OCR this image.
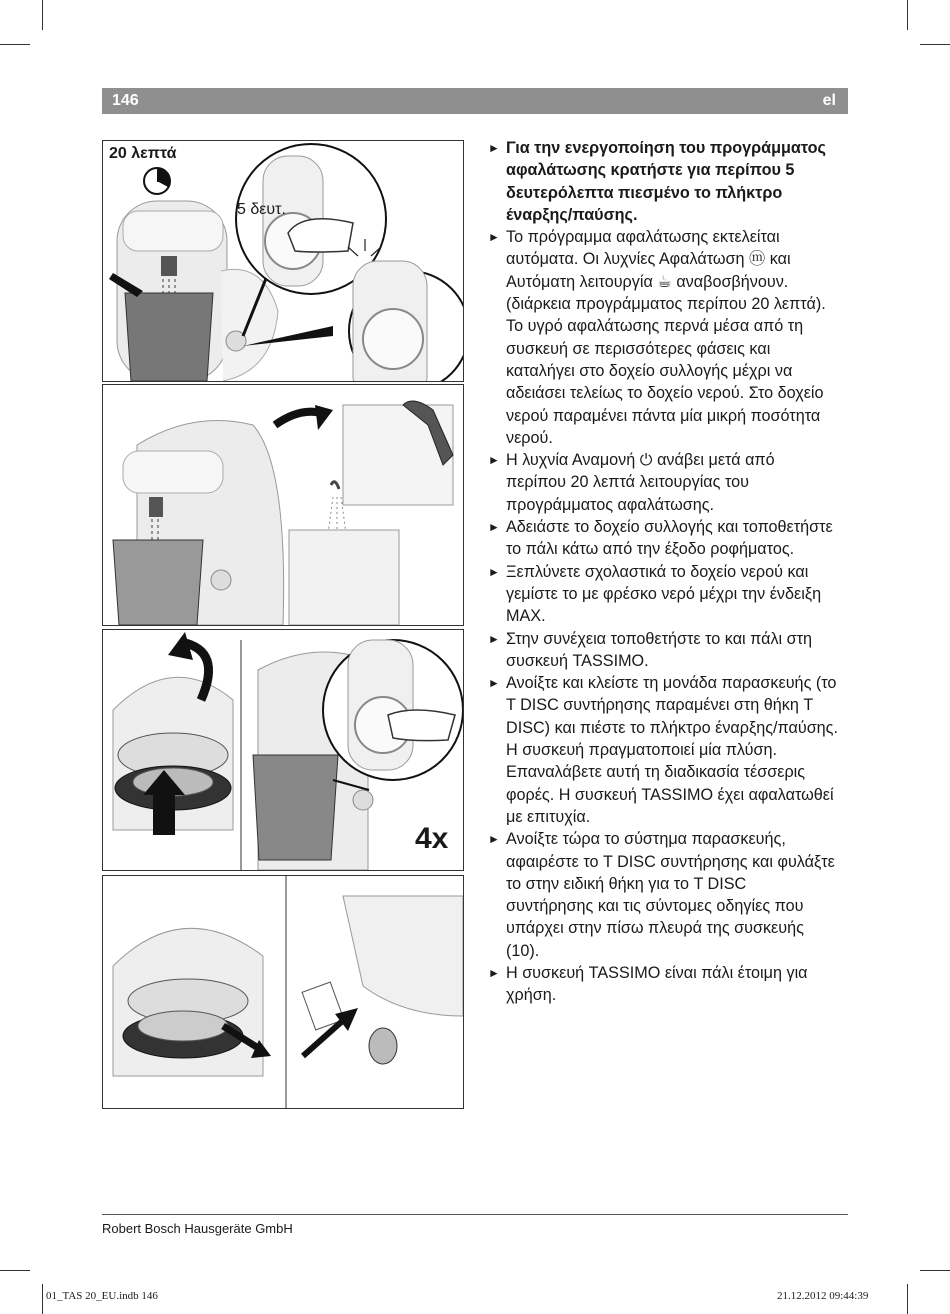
146	el
20 λεπτά
5 δευτ.
4x

► Για την ενεργοποίηση του προγράμματος αφαλάτωσης κρατήστε για περίπου 5 δευτερόλεπτα πιεσμένο το πλήκτρο έναρξης/παύσης.

► Το πρόγραμμα αφαλάτωσης εκτελείται αυτόματα. Οι λυχνίες Αφαλάτωση ⓜ και Αυτόματη λειτουργία ☕ αναβοσβήνουν. (διάρκεια προγράμματος περίπου 20 λεπτά). Το υγρό αφαλάτωσης περνά μέσα από τη συσκευή σε περισσότερες φάσεις και καταλήγει στο δοχείο συλλογής μέχρι να αδειάσει τελείως το δοχείο νερού. Στο δοχείο νερού παραμένει πάντα μία μικρή ποσότητα νερού.

► Η λυχνία Αναμονή ⏻ ανάβει μετά από περίπου 20 λεπτά λειτουργίας του προγράμματος αφαλάτωσης.

► Αδειάστε το δοχείο συλλογής και τοποθετήστε το πάλι κάτω από την έξοδο ροφήματος.

► Ξεπλύνετε σχολαστικά το δοχείο νερού και γεμίστε το με φρέσκο νερό μέχρι την ένδειξη MAX.

► Στην συνέχεια τοποθετήστε το και πάλι στη συσκευή TASSIMO.

► Ανοίξτε και κλείστε τη μονάδα παρασκευής (το T DISC συντήρησης παραμένει στη θήκη T DISC) και πιέστε το πλήκτρο έναρξης/παύσης. Η συσκευή πραγματοποιεί μία πλύση. Επαναλάβετε αυτή τη διαδικασία τέσσερις φορές. Η συσκευή TASSIMO έχει αφαλατωθεί με επιτυχία.

► Ανοίξτε τώρα το σύστημα παρασκευής, αφαιρέστε το T DISC συντήρησης και φυλάξτε το στην ειδική θήκη για το T DISC συντήρησης και τις σύντομες οδηγίες που υπάρχει στην πίσω πλευρά της συσκευής (10).

► Η συσκευή TASSIMO είναι πάλι έτοιμη για χρήση.

Robert Bosch Hausgeräte GmbH
01_TAS 20_EU.indb 146	21.12.2012 09:44:39
